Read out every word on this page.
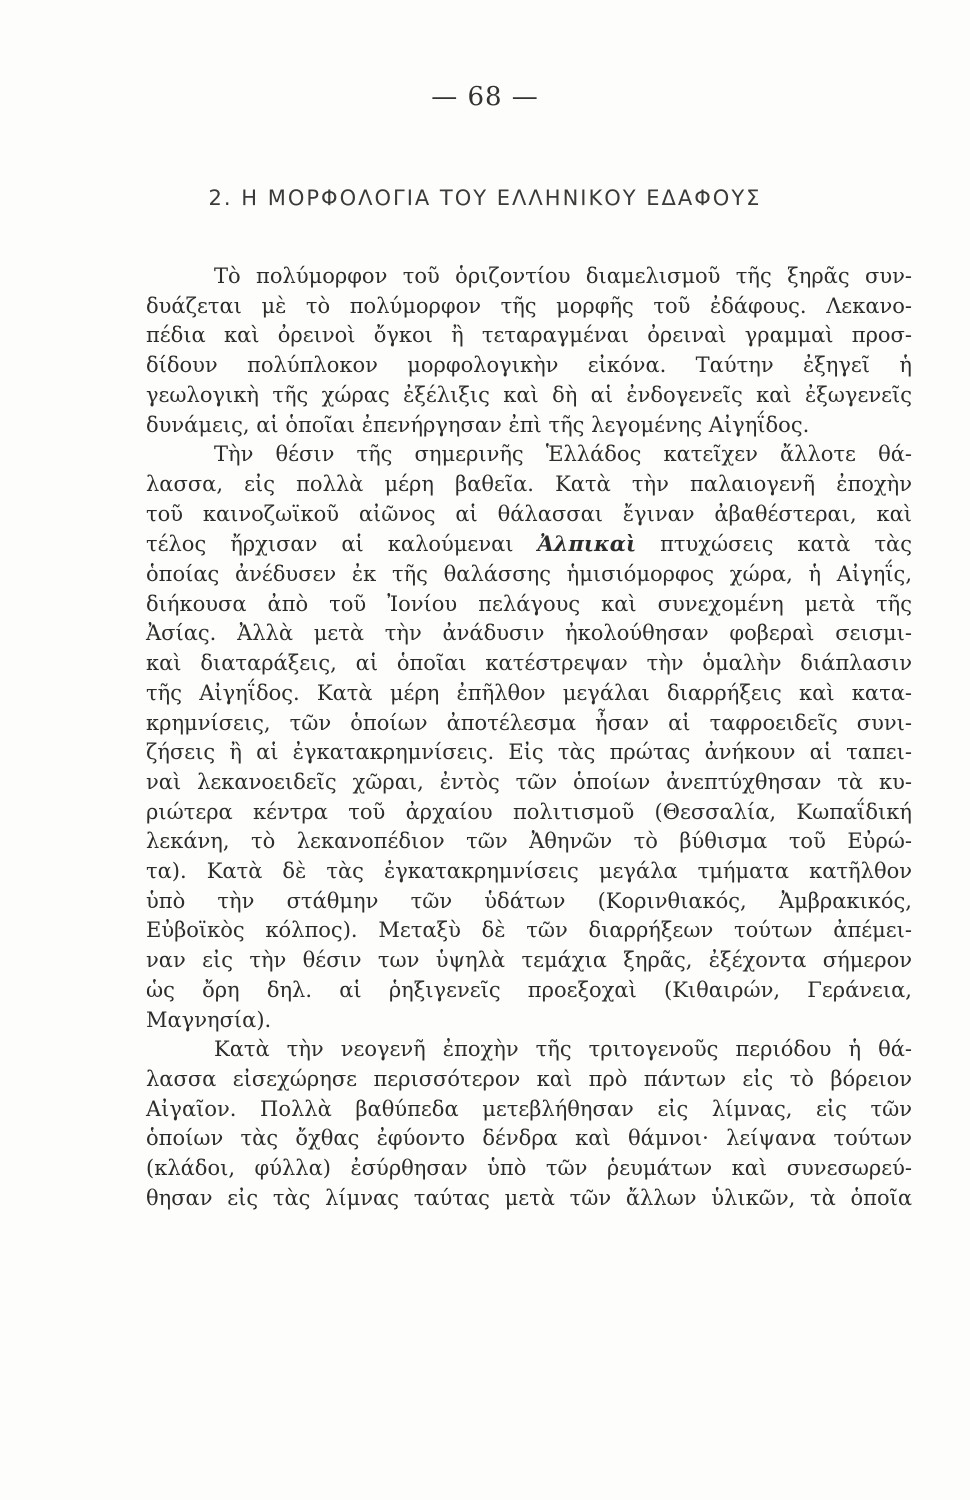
— 68 —
2. Η ΜΟΡΦΟΛΟΓΙΑ ΤΟΥ ΕΛΛΗΝΙΚΟΥ ΕΔΑΦΟΥΣ

Τὸ πολύμορφον τοῦ ὁριζοντίου διαμελισμοῦ τῆς ξηρᾶς συν-

δυάζεται μὲ τὸ πολύμορφον τῆς μορφῆς τοῦ ἐδάφους. Λεκανο-

πέδια καὶ ὀρεινοὶ ὄγκοι ἢ τεταραγμέναι ὀρειναὶ γραμμαὶ προσ-

δίδουν πολύπλοκον μορφολογικὴν εἰκόνα. Ταύτην ἐξηγεῖ ἡ

γεωλογικὴ τῆς χώρας ἐξέλιξις καὶ δὴ αἱ ἐνδογενεῖς καὶ ἐξωγενεῖς

δυνάμεις, αἱ ὁποῖαι ἐπενήργησαν ἐπὶ τῆς λεγομένης Αἰγηΐδος.

Τὴν θέσιν τῆς σημερινῆς Ἑλλάδος κατεῖχεν ἄλλοτε θά-

λασσα, εἰς πολλὰ μέρη βαθεῖα. Κατὰ τὴν παλαιογενῆ ἐποχὴν

τοῦ καινοζωϊκοῦ αἰῶνος αἱ θάλασσαι ἔγιναν ἀβαθέστεραι, καὶ

τέλος ἤρχισαν αἱ καλούμεναι Ἀλπικαὶ πτυχώσεις κατὰ τὰς

ὁποίας ἀνέδυσεν ἐκ τῆς θαλάσσης ἡμισιόμορφος χώρα, ἡ Αἰγηΐς,

διήκουσα ἀπὸ τοῦ Ἰονίου πελάγους καὶ συνεχομένη μετὰ τῆς

Ἀσίας. Ἀλλὰ μετὰ τὴν ἀνάδυσιν ἠκολούθησαν φοβεραὶ σεισμι-

καὶ διαταράξεις, αἱ ὁποῖαι κατέστρεψαν τὴν ὁμαλὴν διάπλασιν

τῆς Αἰγηΐδος. Κατὰ μέρη ἐπῆλθον μεγάλαι διαρρήξεις καὶ κατα-

κρημνίσεις, τῶν ὁποίων ἀποτέλεσμα ἦσαν αἱ ταφροειδεῖς συνι-

ζήσεις ἢ αἱ ἐγκατακρημνίσεις. Εἰς τὰς πρώτας ἀνήκουν αἱ ταπει-

ναὶ λεκανοειδεῖς χῶραι, ἐντὸς τῶν ὁποίων ἀνεπτύχθησαν τὰ κυ-

ριώτερα κέντρα τοῦ ἀρχαίου πολιτισμοῦ (Θεσσαλία, Κωπαΐδική

λεκάνη, τὸ λεκανοπέδιον τῶν Ἀθηνῶν τὸ βύθισμα τοῦ Εὐρώ-

τα). Κατὰ δὲ τὰς ἐγκατακρημνίσεις μεγάλα τμήματα κατῆλθον

ὑπὸ τὴν στάθμην τῶν ὑδάτων (Κορινθιακός, Ἀμβρακικός,

Εὐβοϊκὸς κόλπος). Μεταξὺ δὲ τῶν διαρρήξεων τούτων ἀπέμει-

ναν εἰς τὴν θέσιν των ὑψηλὰ τεμάχια ξηρᾶς, ἐξέχοντα σήμερον

ὡς ὄρη δηλ. αἱ ῥηξιγενεῖς προεξοχαὶ (Κιθαιρών, Γεράνεια,

Μαγνησία).

Κατὰ τὴν νεογενῆ ἐποχὴν τῆς τριτογενοῦς περιόδου ἡ θά-

λασσα εἰσεχώρησε περισσότερον καὶ πρὸ πάντων εἰς τὸ βόρειον

Αἰγαῖον. Πολλὰ βαθύπεδα μετεβλήθησαν εἰς λίμνας, εἰς τῶν

ὁποίων τὰς ὄχθας ἐφύοντο δένδρα καὶ θάμνοι· λείψανα τούτων

(κλάδοι, φύλλα) ἐσύρθησαν ὑπὸ τῶν ῥευμάτων καὶ συνεσωρεύ-

θησαν εἰς τὰς λίμνας ταύτας μετὰ τῶν ἄλλων ὑλικῶν, τὰ ὁποῖα
